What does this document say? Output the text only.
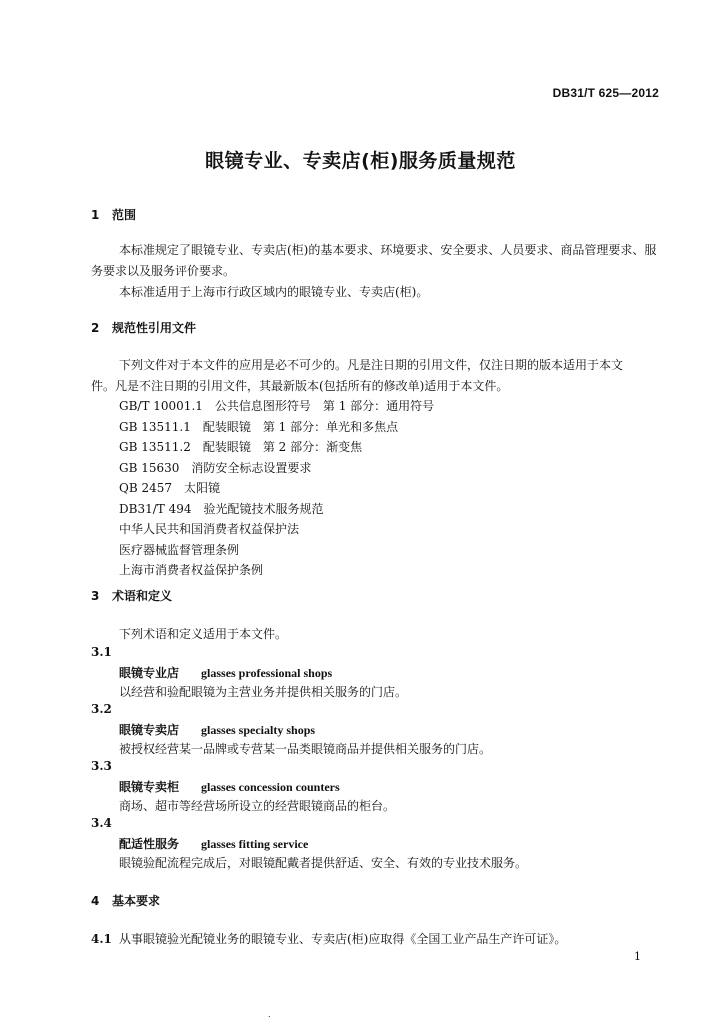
DB31/T 625—2012
眼镜专业、专卖店(柜)服务质量规范
1 范围
本标准规定了眼镜专业、专卖店(柜)的基本要求、环境要求、安全要求、人员要求、商品管理要求、服
务要求以及服务评价要求。
本标准适用于上海市行政区域内的眼镜专业、专卖店(柜)。
2 规范性引用文件
下列文件对于本文件的应用是必不可少的。凡是注日期的引用文件，仅注日期的版本适用于本文
件。凡是不注日期的引用文件，其最新版本(包括所有的修改单)适用于本文件。
GB/T 10001.1　公共信息图形符号　第 1 部分：通用符号
GB 13511.1　配装眼镜　第 1 部分：单光和多焦点
GB 13511.2　配装眼镜　第 2 部分：渐变焦
GB 15630　消防安全标志设置要求
QB 2457　太阳镜
DB31/T 494　验光配镜技术服务规范
中华人民共和国消费者权益保护法
医疗器械监督管理条例
上海市消费者权益保护条例
3 术语和定义
下列术语和定义适用于本文件。
3.1
眼镜专业店 glasses professional shops
以经营和验配眼镜为主营业务并提供相关服务的门店。
3.2
眼镜专卖店 glasses specialty shops
被授权经营某一品牌或专营某一品类眼镜商品并提供相关服务的门店。
3.3
眼镜专卖柜 glasses concession counters
商场、超市等经营场所设立的经营眼镜商品的柜台。
3.4
配适性服务 glasses fitting service
眼镜验配流程完成后，对眼镜配戴者提供舒适、安全、有效的专业技术服务。
4 基本要求
4.1 从事眼镜验光配镜业务的眼镜专业、专卖店(柜)应取得《全国工业产品生产许可证》。
1
.
